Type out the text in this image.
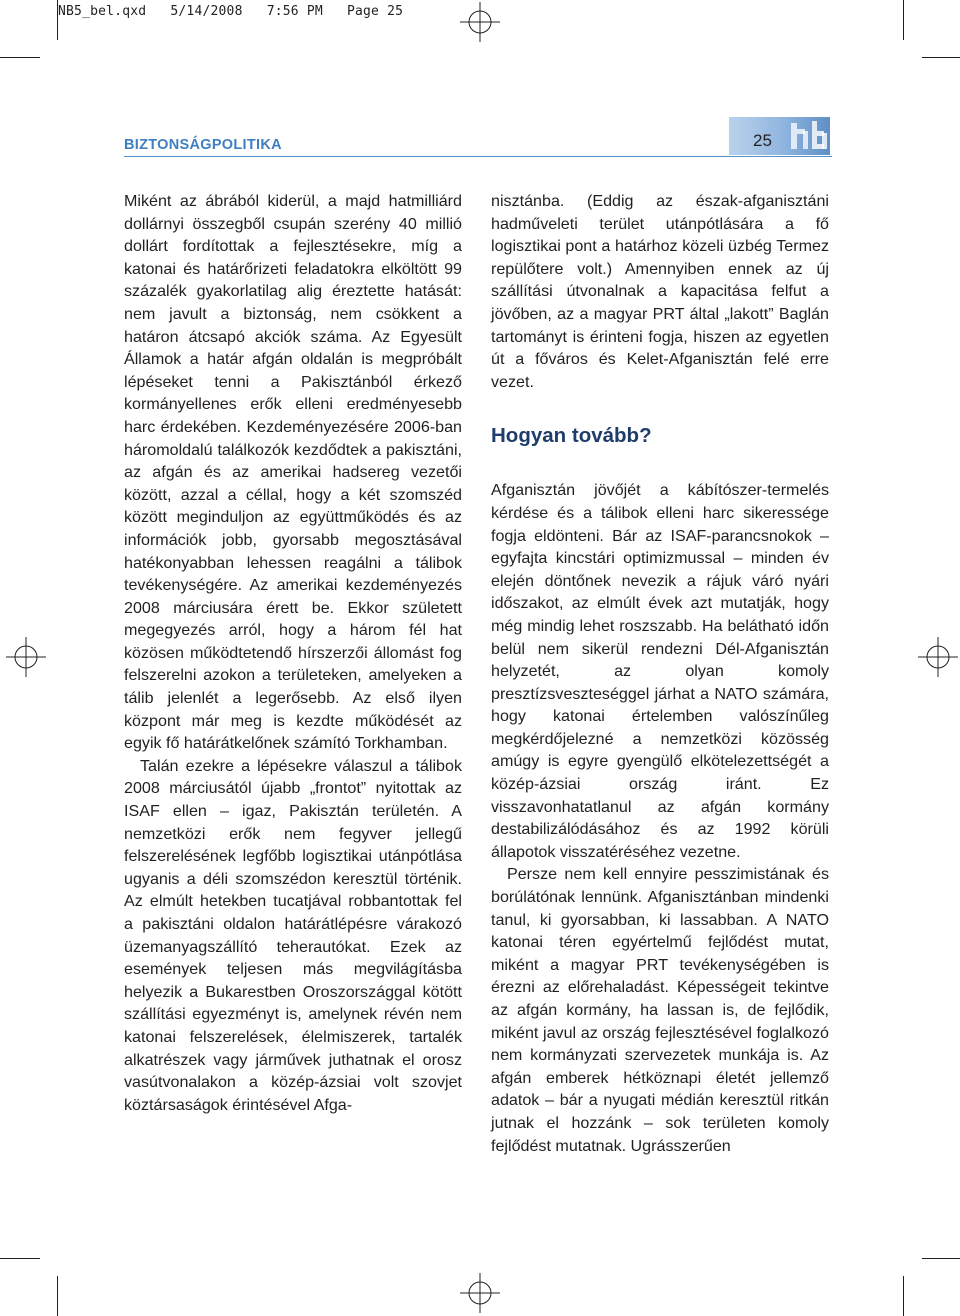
NB5_bel.qxd   5/14/2008   7:56 PM   Page 25
BIZTONSÁGPOLITIKA	25

Miként az ábrából kiderül, a majd hatmilliárd dollárnyi összegből csupán szerény 40 millió dollárt fordítottak a fejlesztésekre, míg a katonai és határőrizeti feladatokra elköltött 99 százalék gyakorlatilag alig éreztette hatását: nem javult a biztonság, nem csökkent a határon átcsapó akciók száma. Az Egyesült Államok a határ afgán oldalán is megpróbált lépéseket tenni a Pakisztánból érkező kormányellenes erők elleni eredményesebb harc érdekében. Kezdeményezésére 2006-ban háromoldalú találkozók kezdődtek a pakisztáni, az afgán és az amerikai hadsereg vezetői között, azzal a céllal, hogy a két szomszéd között meginduljon az együttműködés és az információk jobb, gyorsabb megosztásával hatékonyabban lehessen reagálni a tálibok tevékenységére. Az amerikai kezdeményezés 2008 márciusára érett be. Ekkor született megegyezés arról, hogy a három fél hat közösen működtetendő hírszerzői állomást fog felszerelni azokon a területeken, amelyeken a tálib jelenlét a legerősebb. Az első ilyen központ már meg is kezdte működését az egyik fő határátkelőnek számító Torkhamban.

Talán ezekre a lépésekre válaszul a tálibok 2008 márciusától újabb „frontot” nyitottak az ISAF ellen – igaz, Pakisztán területén. A nemzetközi erők nem fegyver jellegű felszerelésének legfőbb logisztikai utánpótlása ugyanis a déli szomszédon keresztül történik. Az elmúlt hetekben tucatjával robbantottak fel a pakisztáni oldalon határátlépésre várakozó üzemanyagszállító teherautókat. Ezek az események teljesen más megvilágításba helyezik a Bukarestben Oroszországgal kötött szállítási egyezményt is, amelynek révén nem katonai felszerelések, élelmiszerek, tartalék alkatrészek vagy járművek juthatnak el orosz vasútvonalakon a közép-ázsiai volt szovjet köztársaságok érintésével Afga-

nisztánba. (Eddig az észak-afganisztáni hadműveleti terület utánpótlására a fő logisztikai pont a határhoz közeli üzbég Termez repülőtere volt.) Amennyiben ennek az új szállítási útvonalnak a kapacitása felfut a jövőben, az a magyar PRT által „lakott” Baglán tartományt is érinteni fogja, hiszen az egyetlen út a főváros és Kelet-Afganisztán felé erre vezet.

Hogyan tovább?

Afganisztán jövőjét a kábítószer-termelés kérdése és a tálibok elleni harc sikeressége fogja eldönteni. Bár az ISAF-parancsnokok – egyfajta kincstári optimizmussal – minden év elején döntőnek nevezik a rájuk váró nyári időszakot, az elmúlt évek azt mutatják, hogy még mindig lehet roszszabb. Ha belátható időn belül nem sikerül rendezni Dél-Afganisztán helyzetét, az olyan komoly presztízsveszteséggel járhat a NATO számára, hogy katonai értelemben valószínűleg megkérdőjelezné a nemzetközi közösség amúgy is egyre gyengülő elkötelezettségét a közép-ázsiai ország iránt. Ez visszavonhatatlanul az afgán kormány destabilizálódásához és az 1992 körüli állapotok visszatéréséhez vezetne.

Persze nem kell ennyire pesszimistának és borúlátónak lennünk. Afganisztánban mindenki tanul, ki gyorsabban, ki lassabban. A NATO katonai téren egyértelmű fejlődést mutat, miként a magyar PRT tevékenységében is érezni az előrehaladást. Képességeit tekintve az afgán kormány, ha lassan is, de fejlődik, miként javul az ország fejlesztésével foglalkozó nem kormányzati szervezetek munkája is. Az afgán emberek hétköznapi életét jellemző adatok – bár a nyugati médián keresztül ritkán jutnak el hozzánk – sok területen komoly fejlődést mutatnak. Ugrásszerűen
